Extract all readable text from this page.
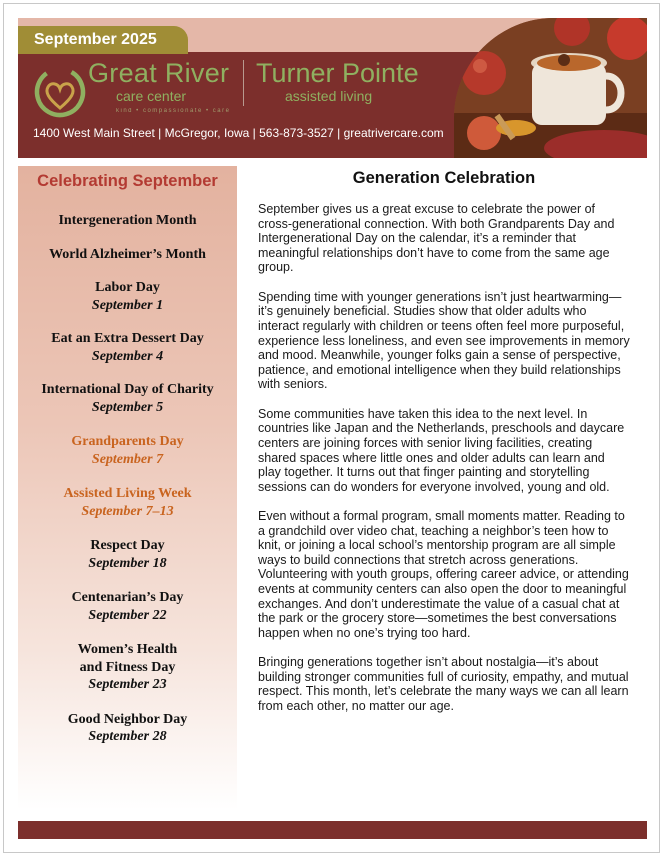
September 2025
Great River
care center
kind • compassionate • care
Turner Pointe
assisted living
1400 West Main Street | McGregor, Iowa | 563-873-3527 | greatrivercare.com
Celebrating September
Intergeneration Month
World Alzheimer’s Month
Labor Day
September 1
Eat an Extra Dessert Day
September 4
International Day of Charity
September 5
Grandparents Day
September 7
Assisted Living Week
September 7–13
Respect Day
September 18
Centenarian’s Day
September 22
Women’s Health
and Fitness Day
September 23
Good Neighbor Day
September 28
Generation Celebration

September gives us a great excuse to celebrate the power of cross-generational connection. With both Grandparents Day and Intergenerational Day on the calendar, it’s a reminder that meaningful relationships don’t have to come from the same age group.

Spending time with younger generations isn’t just heartwarming—it’s genuinely beneficial. Studies show that older adults who interact regularly with children or teens often feel more purposeful, experience less loneliness, and even see improvements in memory and mood. Meanwhile, younger folks gain a sense of perspective, patience, and emotional intelligence when they build relationships with seniors.

Some communities have taken this idea to the next level. In countries like Japan and the Netherlands, preschools and daycare centers are joining forces with senior living facilities, creating shared spaces where little ones and older adults can learn and play together. It turns out that finger painting and storytelling sessions can do wonders for everyone involved, young and old.

Even without a formal program, small moments matter. Reading to a grandchild over video chat, teaching a neighbor’s teen how to knit, or joining a local school’s mentorship program are all simple ways to build connections that stretch across generations. Volunteering with youth groups, offering career advice, or attending events at community centers can also open the door to meaningful exchanges. And don’t underestimate the value of a casual chat at the park or the grocery store—sometimes the best conversations happen when no one’s trying too hard.

Bringing generations together isn’t about nostalgia—it’s about building stronger communities full of curiosity, empathy, and mutual respect. This month, let’s celebrate the many ways we can all learn from each other, no matter our age.
